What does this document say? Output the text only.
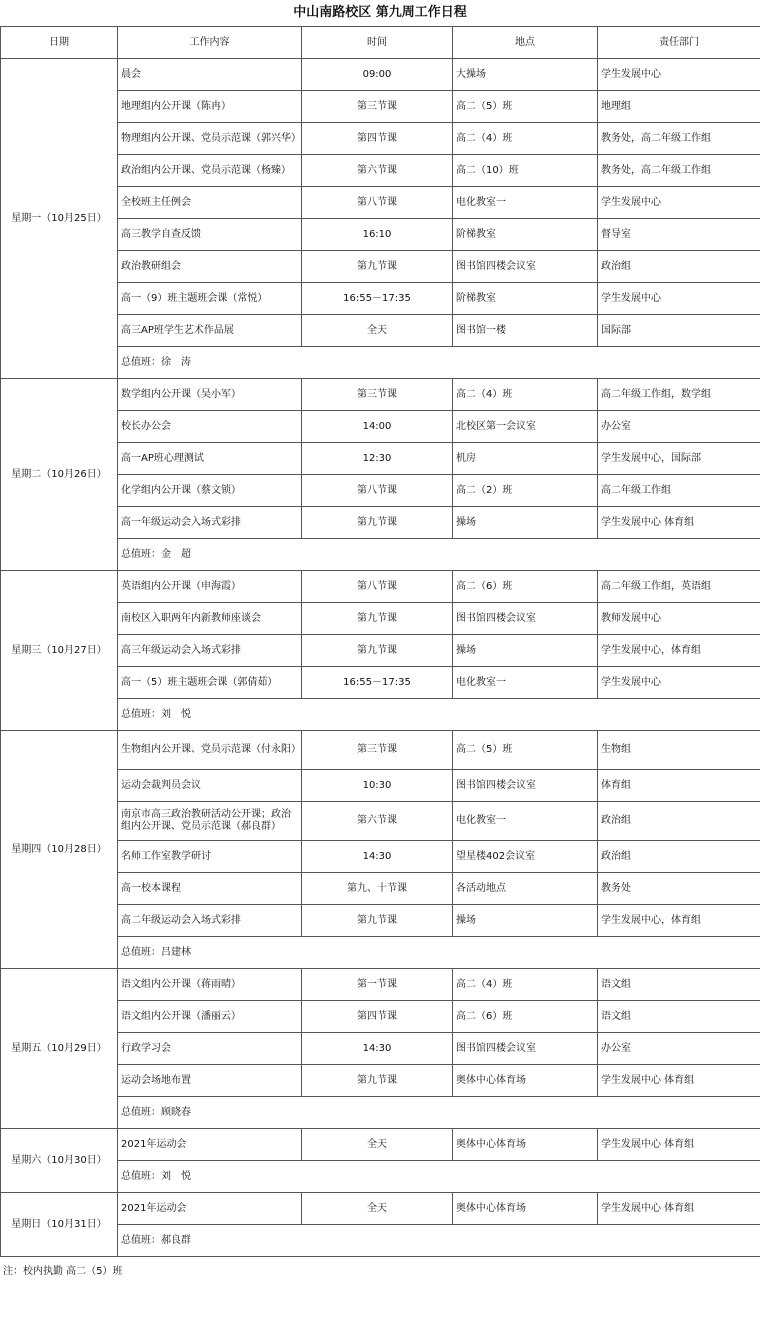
中山南路校区 第九周工作日程
日期	工作内容	时间	地点	责任部门
星期一（10月25日）	晨会	09:00	大操场	学生发展中心
	地理组内公开课（陈冉）	第三节课	高二（5）班	地理组
	物理组内公开课、党员示范课（郭兴华）	第四节课	高二（4）班	教务处，高二年级工作组
	政治组内公开课、党员示范课（杨臻）	第六节课	高二（10）班	教务处，高二年级工作组
	全校班主任例会	第八节课	电化教室一	学生发展中心
	高三教学自查反馈	16:10	阶梯教室	督导室
	政治教研组会	第九节课	图书馆四楼会议室	政治组
	高一（9）班主题班会课（常悦）	16:55－17:35	阶梯教室	学生发展中心
	高三AP班学生艺术作品展	全天	图书馆一楼	国际部
	总值班：徐　涛			
星期二（10月26日）	数学组内公开课（吴小军）	第三节课	高二（4）班	高二年级工作组，数学组
	校长办公会	14:00	北校区第一会议室	办公室
	高一AP班心理测试	12:30	机房	学生发展中心，国际部
	化学组内公开课（蔡文锁）	第八节课	高二（2）班	高二年级工作组
	高一年级运动会入场式彩排	第九节课	操场	学生发展中心 体育组
	总值班：金　超			
星期三（10月27日）	英语组内公开课（申海霞）	第八节课	高二（6）班	高二年级工作组，英语组
	南校区入职两年内新教师座谈会	第九节课	图书馆四楼会议室	教师发展中心
	高三年级运动会入场式彩排	第九节课	操场	学生发展中心，体育组
	高一（5）班主题班会课（郭倩茹）	16:55－17:35	电化教室一	学生发展中心
	总值班：刘　悦			
星期四（10月28日）	生物组内公开课、党员示范课（付永阳）	第三节课	高二（5）班	生物组
	运动会裁判员会议	10:30	图书馆四楼会议室	体育组
	南京市高三政治教研活动公开课；政治组内公开课、党员示范课（郝良群）	第六节课	电化教室一	政治组
	名师工作室教学研讨	14:30	望星楼402会议室	政治组
	高一校本课程	第九、十节课	各活动地点	教务处
	高二年级运动会入场式彩排	第九节课	操场	学生发展中心，体育组
	总值班：吕建林			
星期五（10月29日）	语文组内公开课（蒋雨晴）	第一节课	高二（4）班	语文组
	语文组内公开课（潘丽云）	第四节课	高二（6）班	语文组
	行政学习会	14:30	图书馆四楼会议室	办公室
	运动会场地布置	第九节课	奥体中心体育场	学生发展中心 体育组
	总值班：顾晓春			
星期六（10月30日）	2021年运动会	全天	奥体中心体育场	学生发展中心 体育组
	总值班：刘　悦			
星期日（10月31日）	2021年运动会	全天	奥体中心体育场	学生发展中心 体育组
	总值班：郝良群			
注：校内执勤 高二（5）班
